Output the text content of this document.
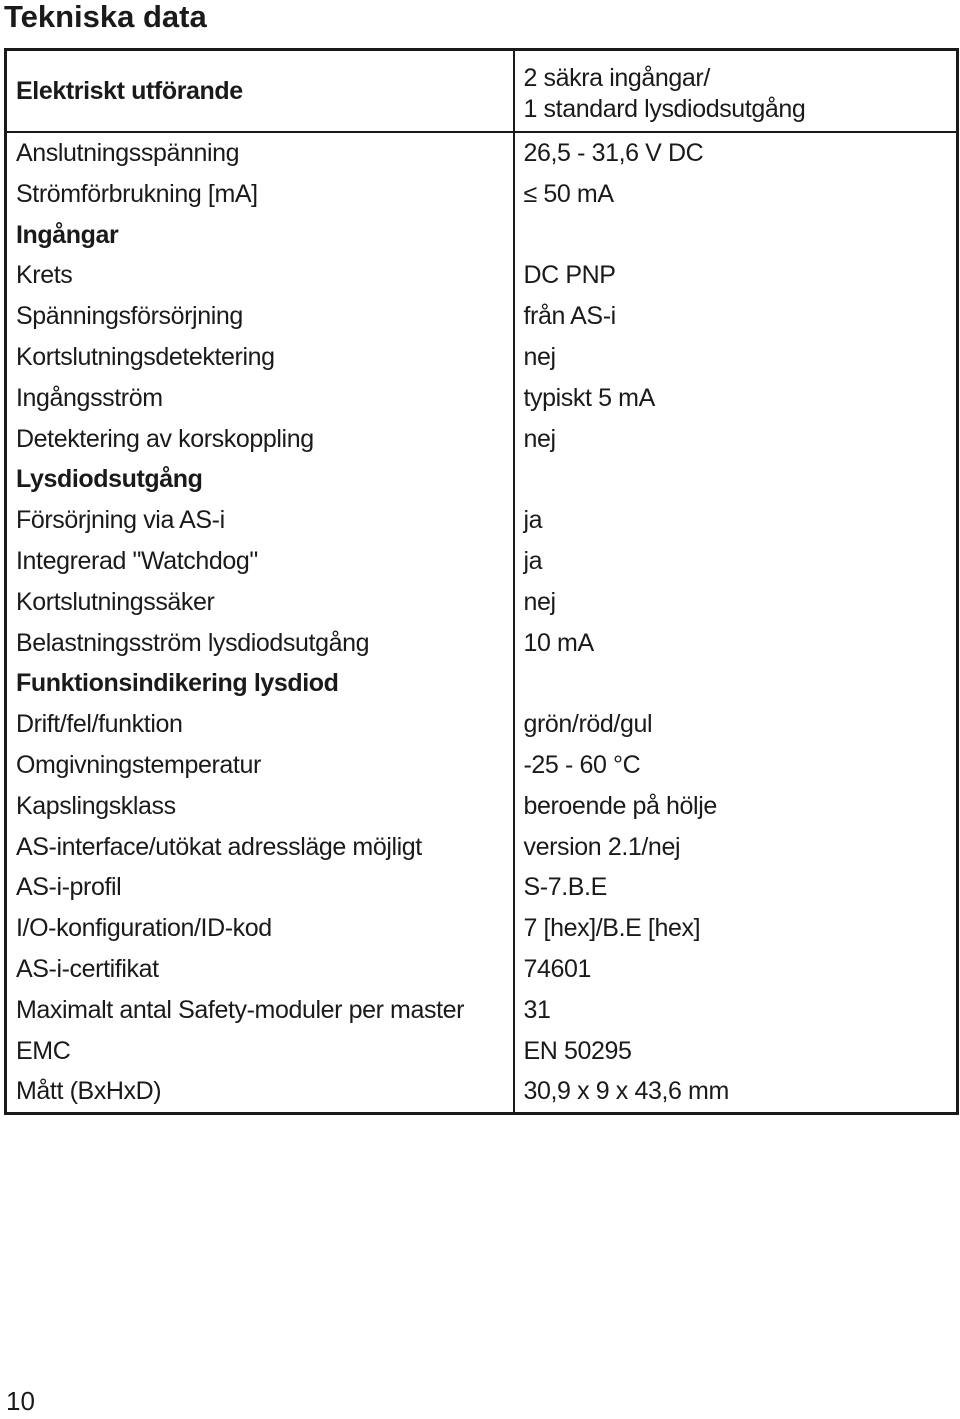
Tekniska data
Elektriskt utförande	2 säkra ingångar/
1 standard lysdiodsutgång

Anslutningsspänning	26,5 - 31,6 V DC
Strömförbrukning [mA]	≤ 50 mA
Ingångar	
Krets	DC PNP
Spänningsförsörjning	från AS-i
Kortslutningsdetektering	nej
Ingångsström	typiskt 5 mA
Detektering av korskoppling	nej
Lysdiodsutgång	
Försörjning via AS-i	ja
Integrerad "Watchdog"	ja
Kortslutningssäker	nej
Belastningsström lysdiodsutgång	10 mA
Funktionsindikering lysdiod	
Drift/fel/funktion	grön/röd/gul
Omgivningstemperatur	-25 - 60 °C
Kapslingsklass	beroende på hölje
AS-interface/utökat adressläge möjligt	version 2.1/nej
AS-i-profil	S-7.B.E
I/O-konfiguration/ID-kod	7 [hex]/B.E [hex]
AS-i-certifikat	74601
Maximalt antal Safety-moduler per master	31
EMC	EN 50295
Mått (BxHxD)	30,9 x 9 x 43,6 mm
10
